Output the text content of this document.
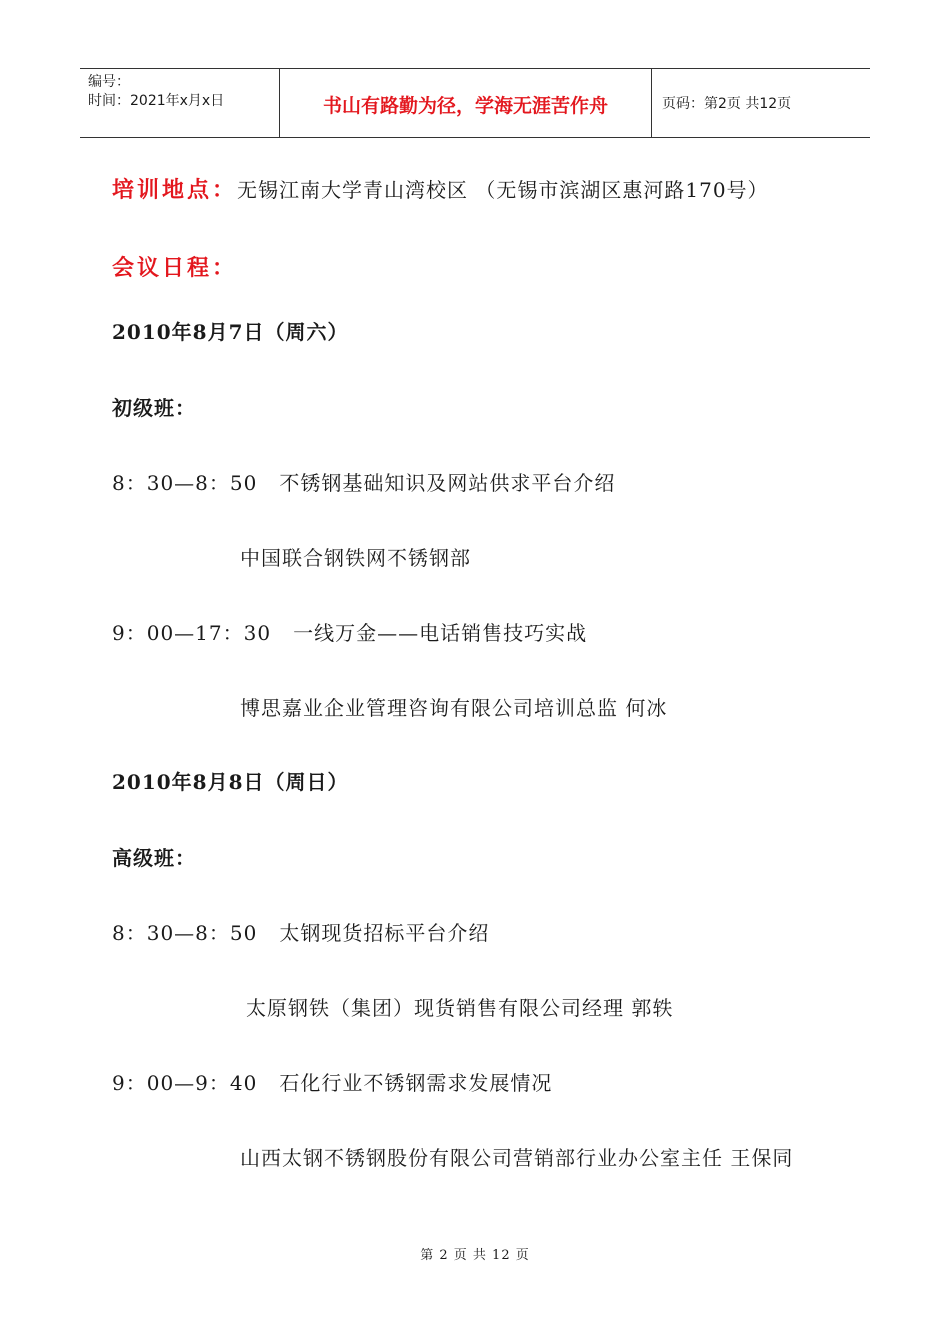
编号：
时间：2021年x月x日	书山有路勤为径，学海无涯苦作舟	页码：第2页 共12页
培训地点：无锡江南大学青山湾校区 （无锡市滨湖区惠河路170号）
会议日程：
2010年8月7日（周六）
初级班：
8：30—8：50 不锈钢基础知识及网站供求平台介绍
中国联合钢铁网不锈钢部
9：00—17：30 一线万金——电话销售技巧实战
博思嘉业企业管理咨询有限公司培训总监 何冰
2010年8月8日（周日）
高级班：
8：30—8：50 太钢现货招标平台介绍
太原钢铁（集团）现货销售有限公司经理 郭轶
9：00—9：40 石化行业不锈钢需求发展情况
山西太钢不锈钢股份有限公司营销部行业办公室主任 王保同
第 2 页 共 12 页
